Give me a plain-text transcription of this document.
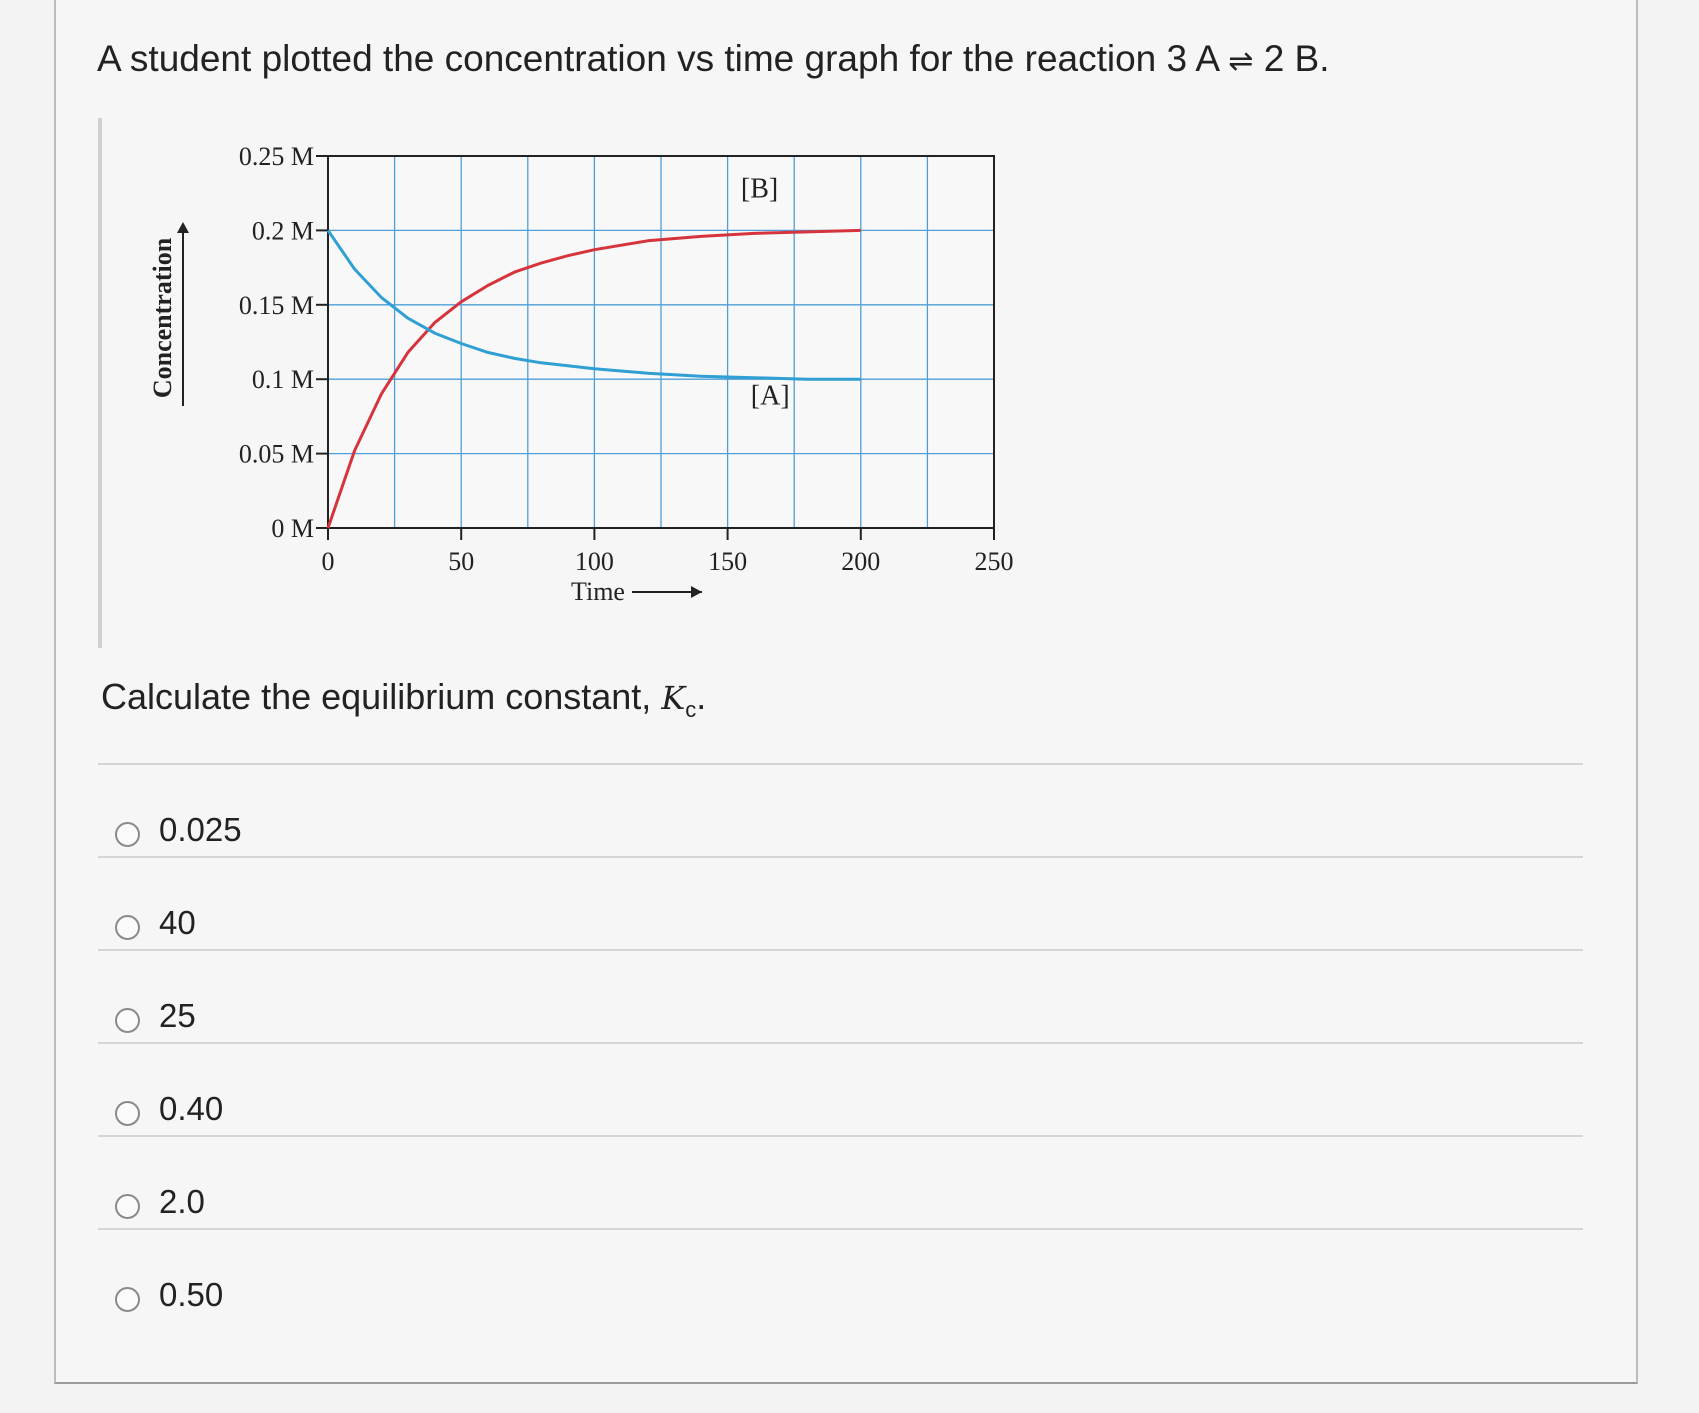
A student plotted the concentration vs time graph for the reaction 3 A ⇌ 2 B.
0 M
0.05 M
0.1 M
0.15 M
0.2 M
0.25 M
0	50	100	150	200	250
Time
Concentration
[B]
[A]
Calculate the equilibrium constant, $K_c$.
0.025
40
25
0.40
2.0
0.50
